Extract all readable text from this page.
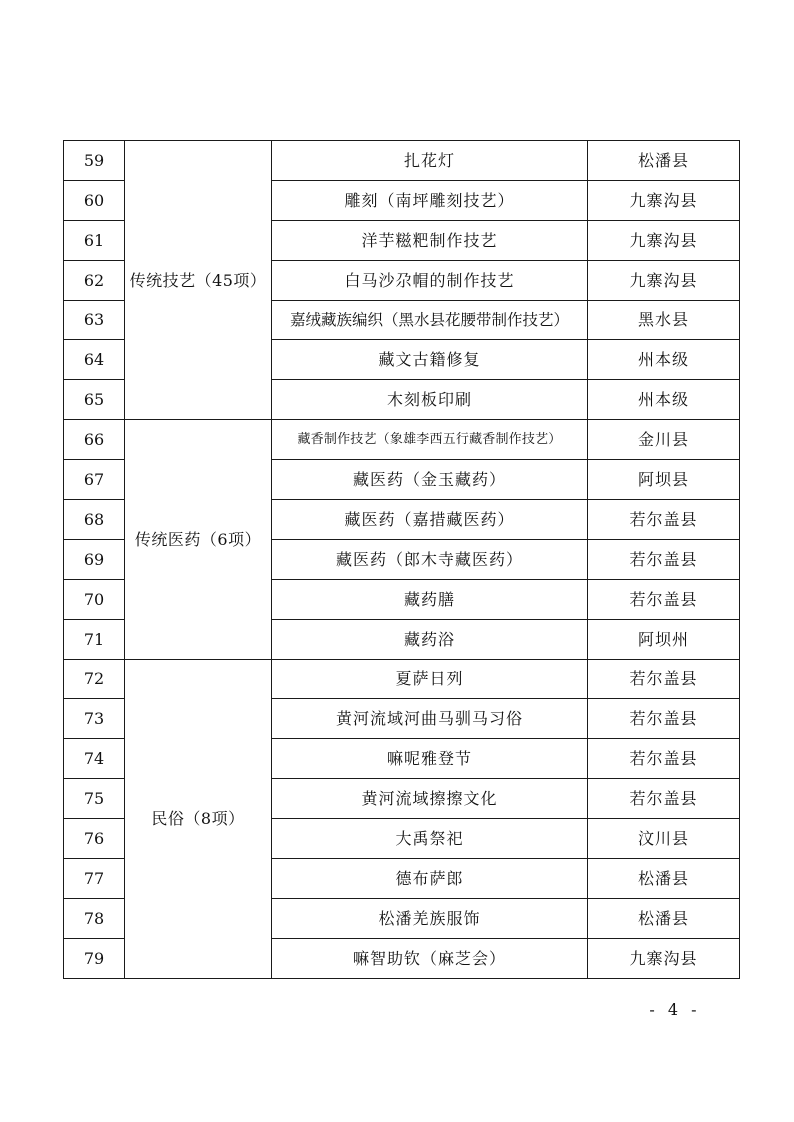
59	传统技艺（45项）	扎花灯	松潘县
60		雕刻（南坪雕刻技艺）	九寨沟县
61		洋芋糍粑制作技艺	九寨沟县
62		白马沙尕帽的制作技艺	九寨沟县
63		嘉绒藏族编织（黑水县花腰带制作技艺）	黑水县
64		藏文古籍修复	州本级
65		木刻板印刷	州本级
66	传统医药（6项）	藏香制作技艺（象雄李西五行藏香制作技艺）	金川县
67		藏医药（金玉藏药）	阿坝县
68		藏医药（嘉措藏医药）	若尔盖县
69		藏医药（郎木寺藏医药）	若尔盖县
70		藏药膳	若尔盖县
71		藏药浴	阿坝州
72	民俗（8项）	夏萨日列	若尔盖县
73		黄河流域河曲马驯马习俗	若尔盖县
74		嘛呢雅登节	若尔盖县
75		黄河流域擦擦文化	若尔盖县
76		大禹祭祀	汶川县
77		德布萨郎	松潘县
78		松潘羌族服饰	松潘县
79		嘛智助钦（麻芝会）	九寨沟县
- 4 -
